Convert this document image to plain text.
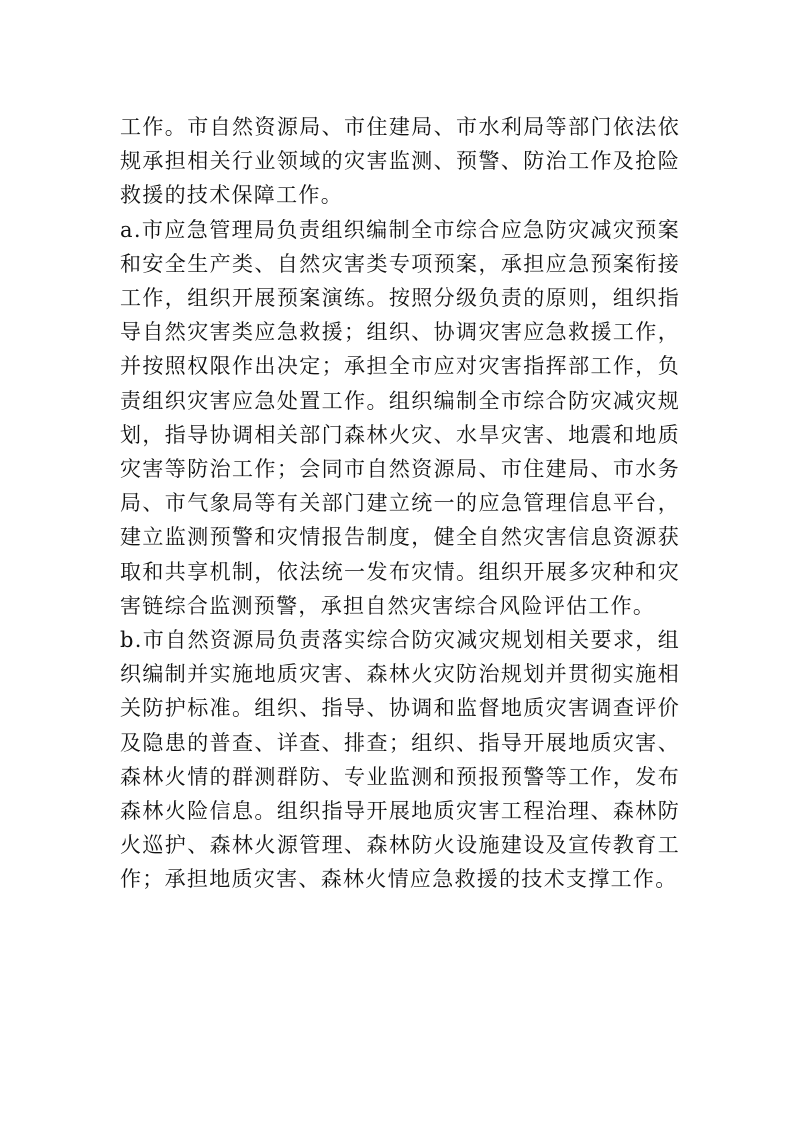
工作。市自然资源局、市住建局、市水利局等部门依法依规承担相关行业领域的灾害监测、预警、防治工作及抢险救援的技术保障工作。

a.市应急管理局负责组织编制全市综合应急防灾减灾预案和安全生产类、自然灾害类专项预案，承担应急预案衔接工作，组织开展预案演练。按照分级负责的原则，组织指导自然灾害类应急救援；组织、协调灾害应急救援工作，并按照权限作出决定；承担全市应对灾害指挥部工作，负责组织灾害应急处置工作。组织编制全市综合防灾减灾规划，指导协调相关部门森林火灾、水旱灾害、地震和地质灾害等防治工作；会同市自然资源局、市住建局、市水务局、市气象局等有关部门建立统一的应急管理信息平台，建立监测预警和灾情报告制度，健全自然灾害信息资源获取和共享机制，依法统一发布灾情。组织开展多灾种和灾害链综合监测预警，承担自然灾害综合风险评估工作。

b.市自然资源局负责落实综合防灾减灾规划相关要求，组织编制并实施地质灾害、森林火灾防治规划并贯彻实施相关防护标准。组织、指导、协调和监督地质灾害调查评价及隐患的普查、详查、排查；组织、指导开展地质灾害、森林火情的群测群防、专业监测和预报预警等工作，发布森林火险信息。组织指导开展地质灾害工程治理、森林防火巡护、森林火源管理、森林防火设施建设及宣传教育工作；承担地质灾害、森林火情应急救援的技术支撑工作。
